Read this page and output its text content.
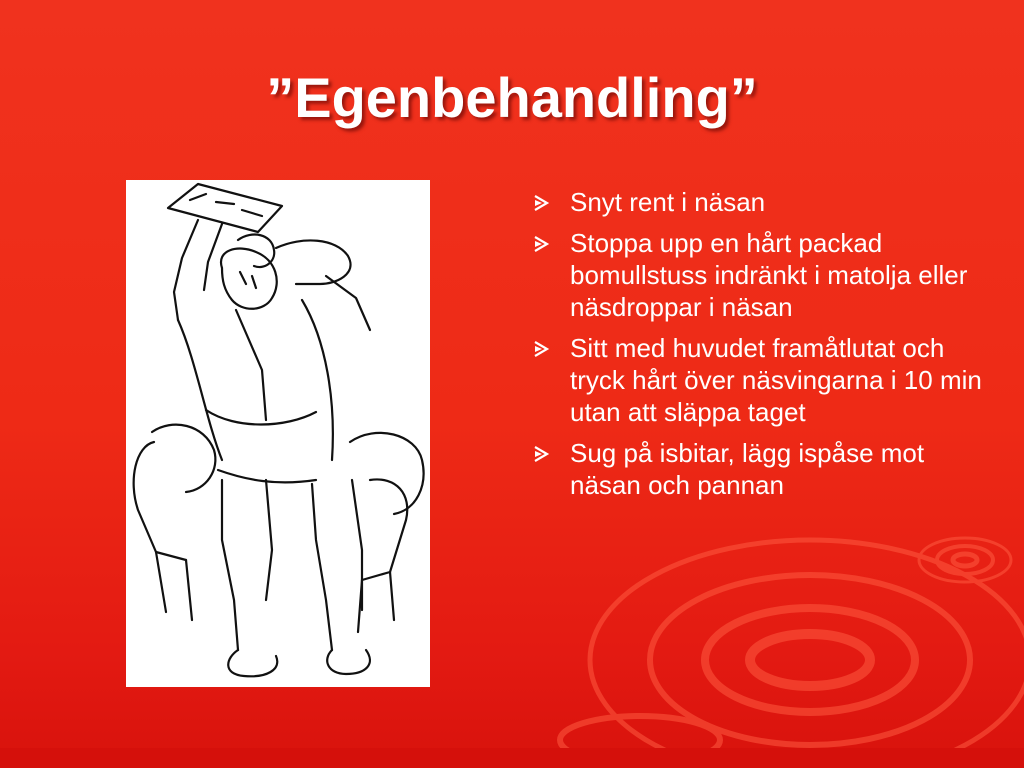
”Egenbehandling”
Snyt rent i näsan
Stoppa upp en hårt packad bomullstuss indränkt i matolja eller näsdroppar i näsan
Sitt med huvudet framåtlutat och tryck hårt över näsvingarna i 10 min utan att släppa taget
Sug på isbitar, lägg ispåse mot näsan och pannan
